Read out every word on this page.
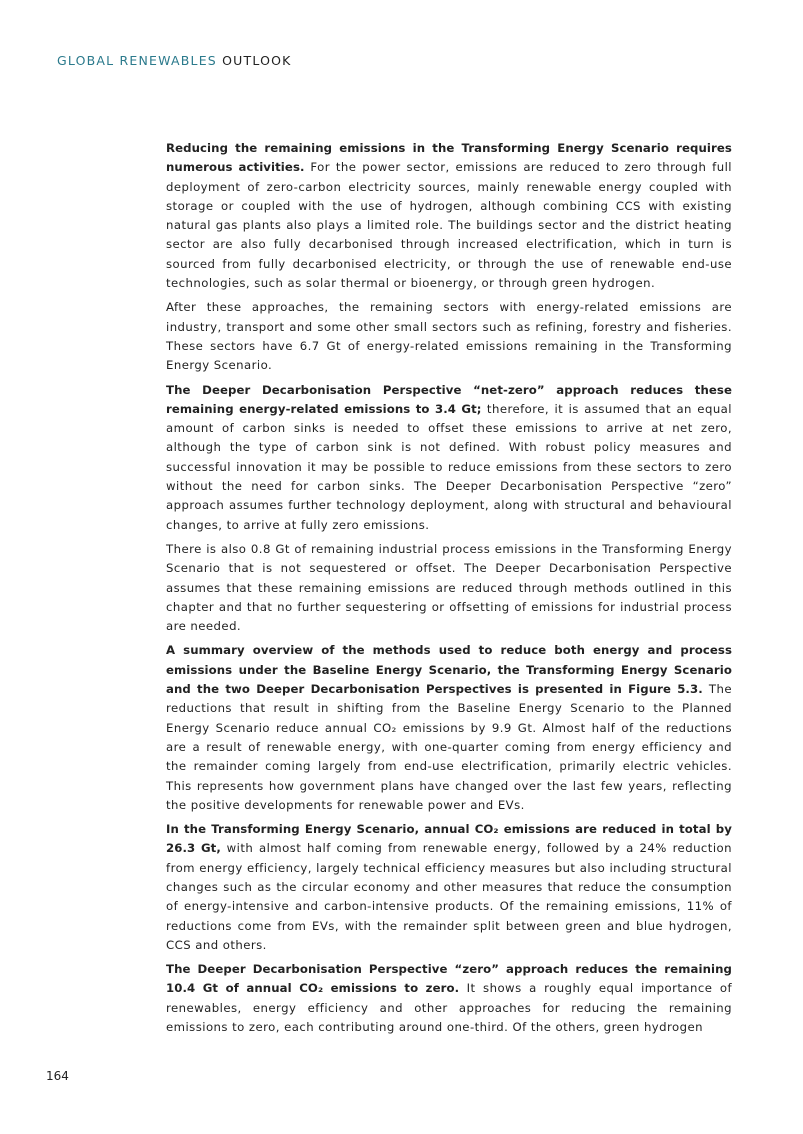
GLOBAL RENEWABLES OUTLOOK

Reducing the remaining emissions in the Transforming Energy Scenario requires numerous activities. For the power sector, emissions are reduced to zero through full deployment of zero-carbon electricity sources, mainly renewable energy coupled with storage or coupled with the use of hydrogen, although combining CCS with existing natural gas plants also plays a limited role. The buildings sector and the district heating sector are also fully decarbonised through increased electrification, which in turn is sourced from fully decarbonised electricity, or through the use of renewable end-use technologies, such as solar thermal or bioenergy, or through green hydrogen.

After these approaches, the remaining sectors with energy-related emissions are industry, transport and some other small sectors such as refining, forestry and fisheries. These sectors have 6.7 Gt of energy-related emissions remaining in the Transforming Energy Scenario.

The Deeper Decarbonisation Perspective “net-zero” approach reduces these remaining energy-related emissions to 3.4 Gt; therefore, it is assumed that an equal amount of carbon sinks is needed to offset these emissions to arrive at net zero, although the type of carbon sink is not defined. With robust policy measures and successful innovation it may be possible to reduce emissions from these sectors to zero without the need for carbon sinks. The Deeper Decarbonisation Perspective “zero” approach assumes further technology deployment, along with structural and behavioural changes, to arrive at fully zero emissions.

There is also 0.8 Gt of remaining industrial process emissions in the Transforming Energy Scenario that is not sequestered or offset. The Deeper Decarbonisation Perspective assumes that these remaining emissions are reduced through methods outlined in this chapter and that no further sequestering or offsetting of emissions for industrial process are needed.

A summary overview of the methods used to reduce both energy and process emissions under the Baseline Energy Scenario, the Transforming Energy Scenario and the two Deeper Decarbonisation Perspectives is presented in Figure 5.3. The reductions that result in shifting from the Baseline Energy Scenario to the Planned Energy Scenario reduce annual CO₂ emissions by 9.9 Gt. Almost half of the reductions are a result of renewable energy, with one-quarter coming from energy efficiency and the remainder coming largely from end-use electrification, primarily electric vehicles. This represents how government plans have changed over the last few years, reflecting the positive developments for renewable power and EVs.

In the Transforming Energy Scenario, annual CO₂ emissions are reduced in total by 26.3 Gt, with almost half coming from renewable energy, followed by a 24% reduction from energy efficiency, largely technical efficiency measures but also including structural changes such as the circular economy and other measures that reduce the consumption of energy-intensive and carbon-intensive products. Of the remaining emissions, 11% of reductions come from EVs, with the remainder split between green and blue hydrogen, CCS and others.

The Deeper Decarbonisation Perspective “zero” approach reduces the remaining 10.4 Gt of annual CO₂ emissions to zero. It shows a roughly equal importance of renewables, energy efficiency and other approaches for reducing the remaining emissions to zero, each contributing around one-third. Of the others, green hydrogen

164
